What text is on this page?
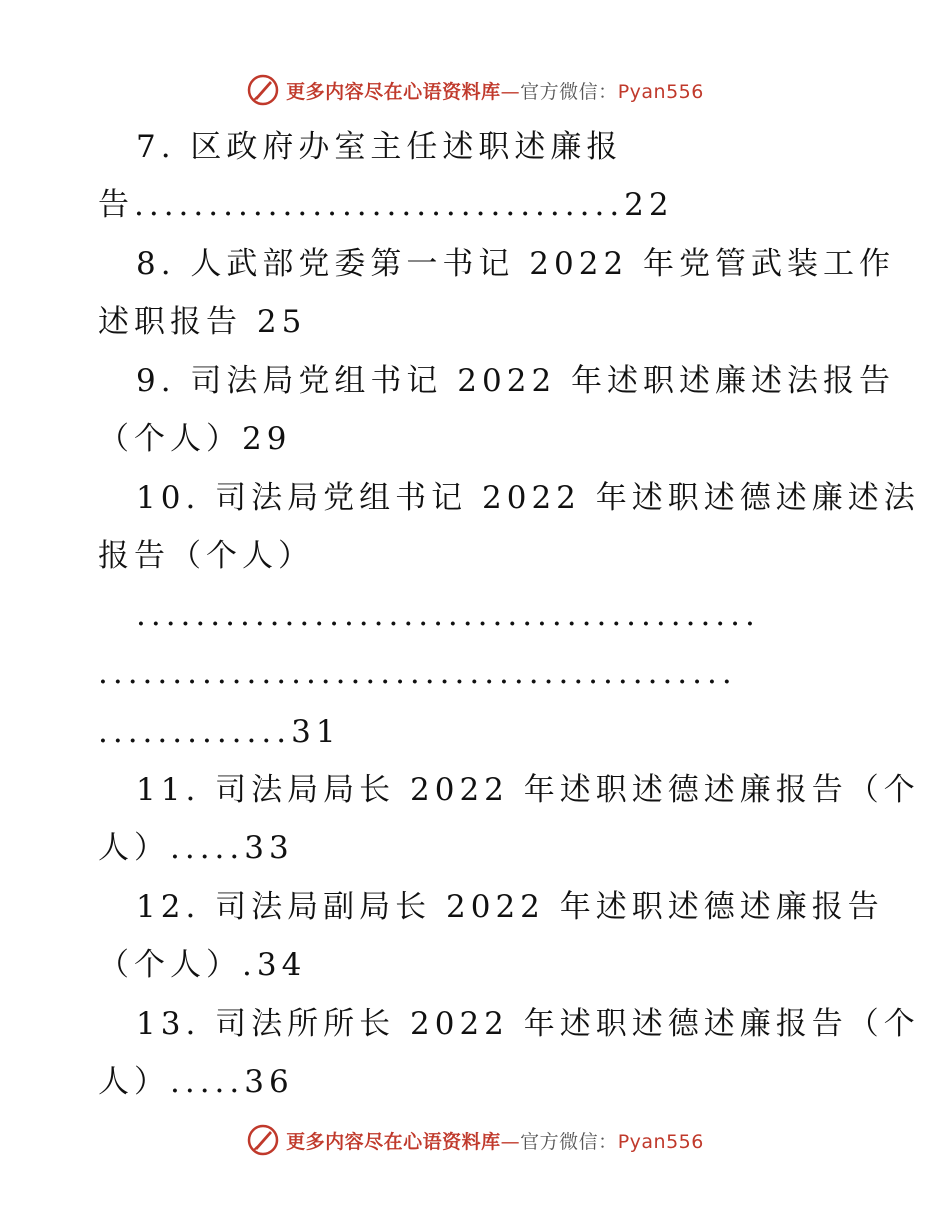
更多内容尽在心语资料库 — 官方微信： Pyan556
7. 区政府办室主任述职述廉报
告.................................22
8. 人武部党委第一书记 2022 年党管武装工作
述职报告 25
9. 司法局党组书记 2022 年述职述廉述法报告
（个人）29
10. 司法局党组书记 2022 年述职述德述廉述法
报告（个人）
..........................................
...........................................
.............31
11. 司法局局长 2022 年述职述德述廉报告（个
人）.....33
12. 司法局副局长 2022 年述职述德述廉报告
（个人）.34
13. 司法所所长 2022 年述职述德述廉报告（个
人）.....36
更多内容尽在心语资料库 — 官方微信： Pyan556
